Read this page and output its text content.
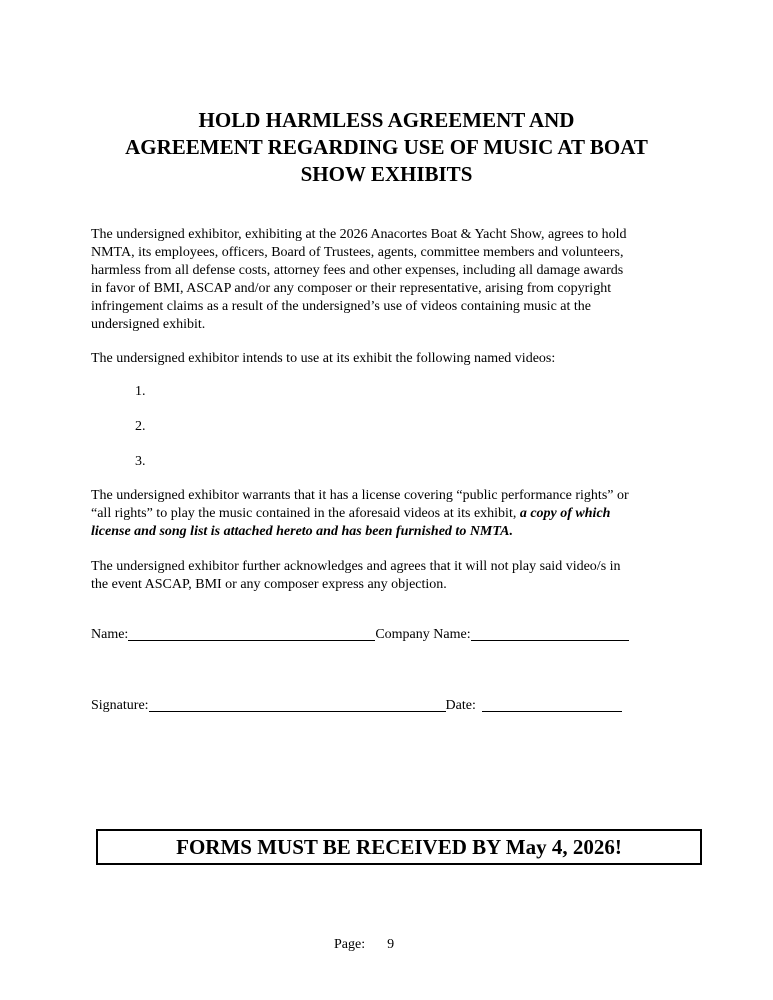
HOLD HARMLESS AGREEMENT AND
AGREEMENT REGARDING USE OF MUSIC AT BOAT
SHOW EXHIBITS
The undersigned exhibitor, exhibiting at the 2026 Anacortes Boat & Yacht Show, agrees to hold
NMTA, its employees, officers, Board of Trustees, agents, committee members and volunteers,
harmless from all defense costs, attorney fees and other expenses, including all damage awards
in favor of BMI, ASCAP and/or any composer or their representative, arising from copyright
infringement claims as a result of the undersigned’s use of videos containing music at the
undersigned exhibit.
The undersigned exhibitor intends to use at its exhibit the following named videos:
1.
2.
3.
The undersigned exhibitor warrants that it has a license covering “public performance rights” or
“all rights” to play the music contained in the aforesaid videos at its exhibit, a copy of which
license and song list is attached hereto and has been furnished to NMTA.
The undersigned exhibitor further acknowledges and agrees that it will not play said video/s in
the event ASCAP, BMI or any composer express any objection.
Name:	Company Name:
Signature:	Date:
FORMS MUST BE RECEIVED BY May 4, 2026!
Page: 9
